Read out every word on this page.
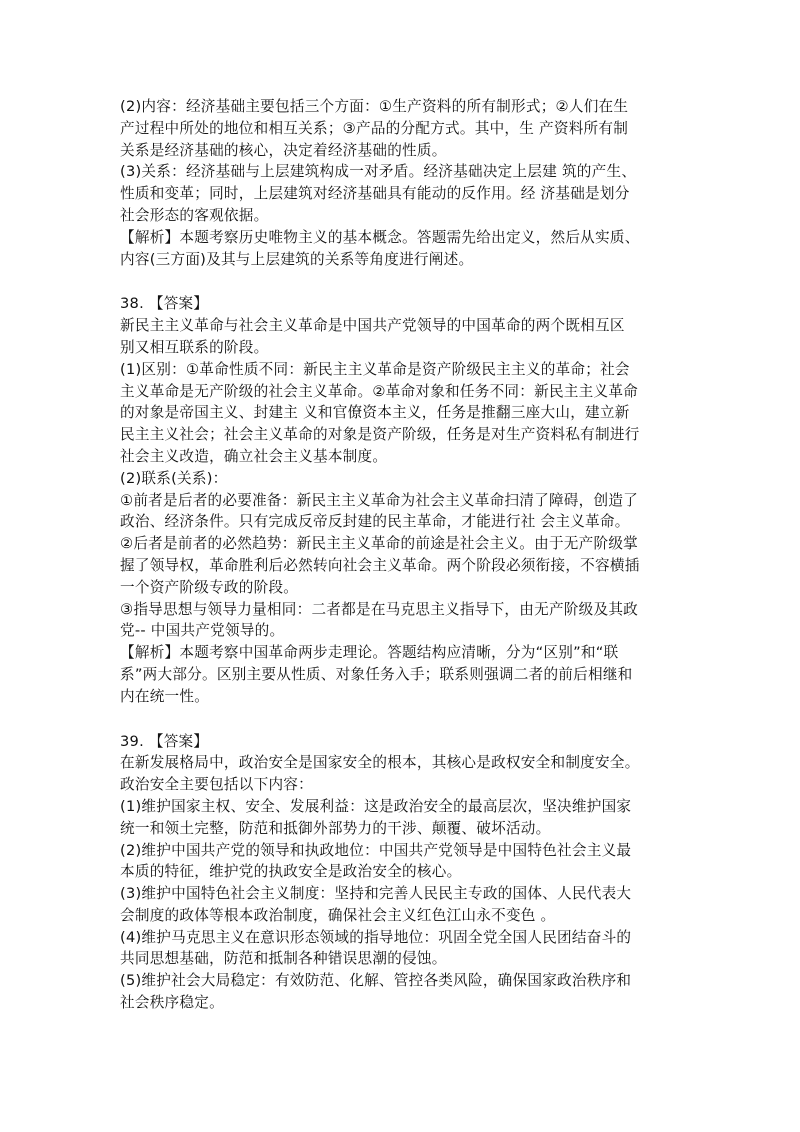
(2)内容：经济基础主要包括三个方面：①生产资料的所有制形式；②人们在生
产过程中所处的地位和相互关系；③产品的分配方式。其中，生 产资料所有制
关系是经济基础的核心，决定着经济基础的性质。
(3)关系：经济基础与上层建筑构成一对矛盾。经济基础决定上层建 筑的产生、
性质和变革；同时，上层建筑对经济基础具有能动的反作用。经 济基础是划分
社会形态的客观依据。
【解析】本题考察历史唯物主义的基本概念。答题需先给出定义，然后从实质、
内容(三方面)及其与上层建筑的关系等角度进行阐述。
38. 【答案】
新民主主义革命与社会主义革命是中国共产党领导的中国革命的两个既相互区
别又相互联系的阶段。
(1)区别：①革命性质不同：新民主主义革命是资产阶级民主主义的革命；社会
主义革命是无产阶级的社会主义革命。②革命对象和任务不同：新民主主义革命
的对象是帝国主义、封建主 义和官僚资本主义，任务是推翻三座大山，建立新
民主主义社会；社会主义革命的对象是资产阶级，任务是对生产资料私有制进行
社会主义改造，确立社会主义基本制度。
(2)联系(关系)：
①前者是后者的必要准备：新民主主义革命为社会主义革命扫清了障碍，创造了
政治、经济条件。只有完成反帝反封建的民主革命，才能进行社 会主义革命。
②后者是前者的必然趋势：新民主主义革命的前途是社会主义。由于无产阶级掌
握了领导权，革命胜利后必然转向社会主义革命。两个阶段必须衔接，不容横插
一个资产阶级专政的阶段。
③指导思想与领导力量相同：二者都是在马克思主义指导下，由无产阶级及其政
党-- 中国共产党领导的。
【解析】本题考察中国革命两步走理论。答题结构应清晰，分为“区别”和“联
系”两大部分。区别主要从性质、对象任务入手；联系则强调二者的前后相继和
内在统一性。
39. 【答案】
在新发展格局中，政治安全是国家安全的根本，其核心是政权安全和制度安全。
政治安全主要包括以下内容：
(1)维护国家主权、安全、发展利益：这是政治安全的最高层次，坚决维护国家
统一和领土完整，防范和抵御外部势力的干涉、颠覆、破坏活动。
(2)维护中国共产党的领导和执政地位：中国共产党领导是中国特色社会主义最
本质的特征，维护党的执政安全是政治安全的核心。
(3)维护中国特色社会主义制度：坚持和完善人民民主专政的国体、人民代表大
会制度的政体等根本政治制度，确保社会主义红色江山永不变色 。
(4)维护马克思主义在意识形态领域的指导地位：巩固全党全国人民团结奋斗的
共同思想基础，防范和抵制各种错误思潮的侵蚀。
(5)维护社会大局稳定：有效防范、化解、管控各类风险，确保国家政治秩序和
社会秩序稳定。
